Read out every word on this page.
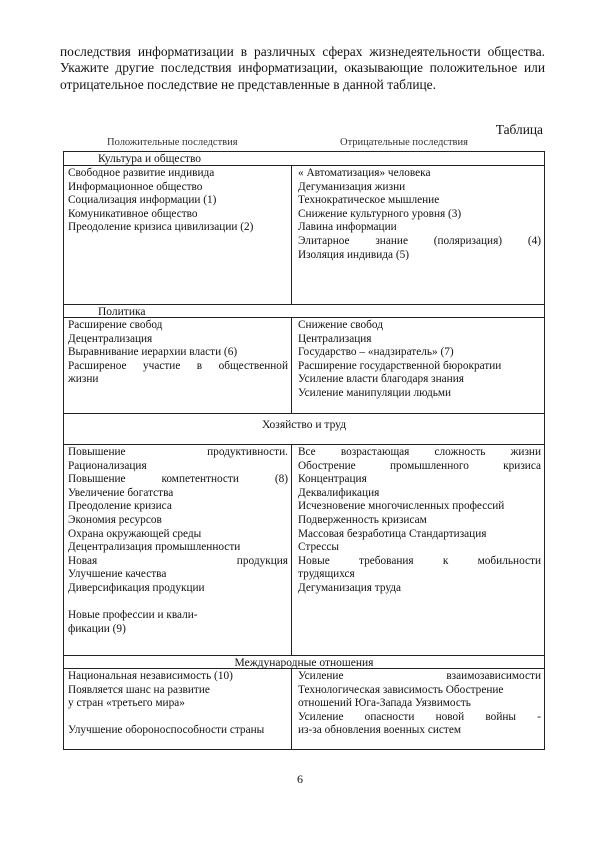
последствия информатизации в различных сферах жизнедеятельности общества. Укажите другие последствия информатизации, оказывающие положительное или отрицательное последствие не представленные в данной таблице.
Таблица
Положительные последствия	Отрицательные последствия
Культура и общество
Свободное развитие индивида
Информационное общество
Социализация информации (1)
Комуникативное общество
Преодоление кризиса цивилизации (2)
« Автоматизация» человека
Дегуманизация жизни
Технократическое мышление
Снижение культурного уровня (3)
Лавина информации
Элитарное знание (поляризация) (4)
Изоляция индивида (5)
Политика
Расширение свобод
Децентрализация
Выравнивание иерархии власти (6)
Расширеное участие в общественной
жизни
Снижение свобод
Централизация
Государство – «надзиратель» (7)
Расширение государственной бюрократии
Усиление власти благодаря знания
Усиление манипуляции людьми
Хозяйство и труд
Повышение продуктивности.
Рационализация
Повышение компетентности (8)
Увеличение богатства
Преодоление кризиса
Экономия ресурсов
Охрана окружающей среды
Децентрализация промышленности
Новая продукция
Улучшение качества
Диверсификация продукции
Новые профессии и квали-
фикации (9)
Все возрастающая сложность жизни
Обострение промышленного кризиса
Концентрация
Деквалификация
Исчезновение многочисленных профессий
Подверженность кризисам
Массовая безработица Стандартизация
Стрессы
Новые требования к мобильности
трудящихся
Дегуманизация труда
Международные отношения
Национальная независимость (10)
Появляется шанс на развитие
у стран «третьего мира»
Улучшение обороноспособности страны
Усиление взаимозависимости
Технологическая зависимость Обострение
отношений Юга-Запада Уязвимость
Усиление опасности новой войны -
из-за обновления военных систем
6
